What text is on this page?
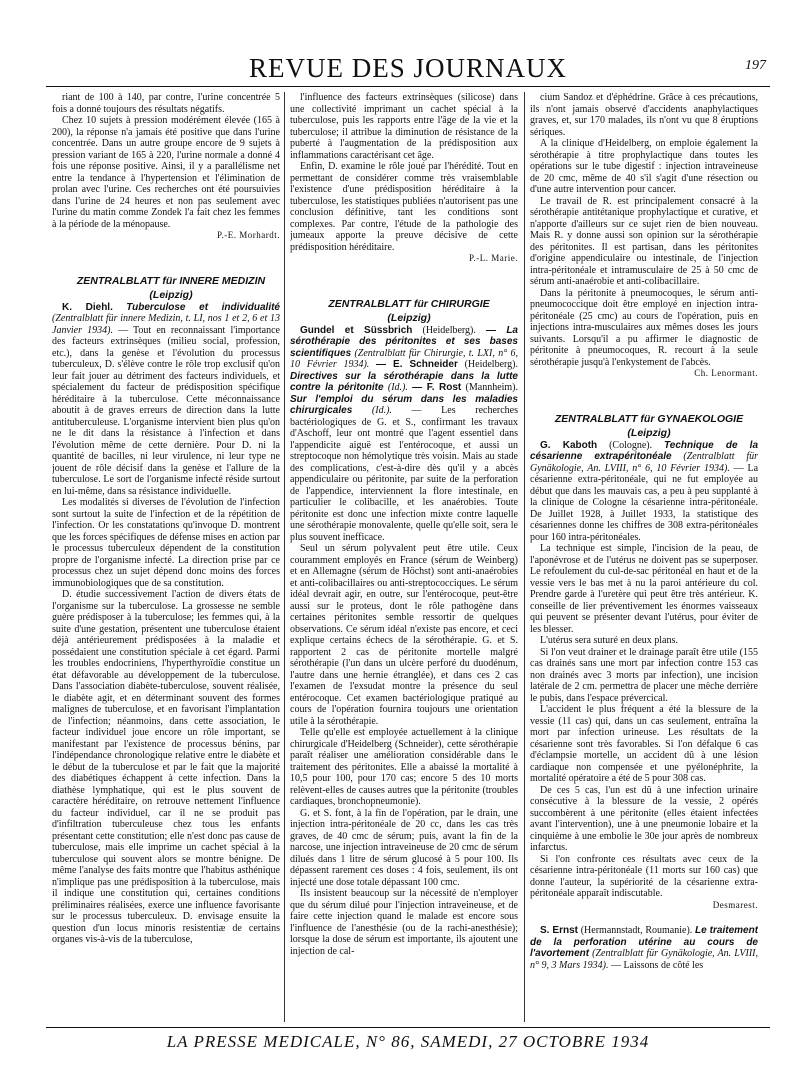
REVUE DES JOURNAUX	197

riant de 100 à 140, par contre, l'urine concentrée 5 fois a donné toujours des résultats négatifs.

Chez 10 sujets à pression modérément élevée (165 à 200), la réponse n'a jamais été positive que dans l'urine concentrée. Dans un autre groupe encore de 9 sujets à pression variant de 165 à 220, l'urine normale a donné 4 fois une réponse positive. Ainsi, il y a parallélisme net entre la tendance à l'hypertension et l'élimination de prolan avec l'urine. Ces recherches ont été poursuivies dans l'urine de 24 heures et non pas seulement avec l'urine du matin comme Zondek l'a fait chez les femmes à la période de la ménopause.

P.-E. Morhardt.

ZENTRALBLATT für INNERE MEDIZIN

(Leipzig)

K. Diehl. Tuberculose et individualité (Zentralblatt für innere Medizin, t. LI, nos 1 et 2, 6 et 13 Janvier 1934). — Tout en reconnaissant l'importance des facteurs extrinsèques (milieu social, profession, etc.), dans la genèse et l'évolution du processus tuberculeux, D. s'élève contre le rôle trop exclusif qu'on leur fait jouer au détriment des facteurs individuels, et spécialement du facteur de prédisposition spécifique héréditaire à la tuberculose. Cette méconnaissance aboutit à de graves erreurs de direction dans la lutte antituberculeuse. L'organisme intervient bien plus qu'on ne le dit dans la résistance à l'infection et dans l'évolution même de cette dernière. Pour D. ni la quantité de bacilles, ni leur virulence, ni leur type ne jouent de rôle décisif dans la genèse et l'allure de la tuberculose. Le sort de l'organisme infecté réside surtout en lui-même, dans sa résistance individuelle.

Les modalités si diverses de l'évolution de l'infection sont surtout la suite de l'infection et de la répétition de l'infection. Or les constatations qu'invoque D. montrent que les forces spécifiques de défense mises en action par le processus tuberculeux dépendent de la constitution propre de l'organisme infecté. La direction prise par ce processus chez un sujet dépend donc moins des forces immunobiologiques que de sa constitution.

D. étudie successivement l'action de divers états de l'organisme sur la tuberculose. La grossesse ne semble guère prédisposer à la tuberculose; les femmes qui, à la suite d'une gestation, présentent une tuberculose étaient déjà antérieurement prédisposées à la maladie et possédaient une constitution spéciale à cet égard. Parmi les troubles endocriniens, l'hyperthyroïdie constitue un état défavorable au développement de la tuberculose. Dans l'association diabète-tuberculose, souvent réalisée, le diabète agit, et en déterminant souvent des formes malignes de tuberculose, et en favorisant l'implantation de l'infection; néanmoins, dans cette association, le facteur individuel joue encore un rôle important, se manifestant par l'existence de processus bénins, par l'indépendance chronologique relative entre le diabète et le début de la tuberculose et par le fait que la majorité des diabétiques échappent à cette infection. Dans la diathèse lymphatique, qui est le plus souvent de caractère héréditaire, on retrouve nettement l'influence du facteur individuel, car il ne se produit pas d'infiltration tuberculeuse chez tous les enfants présentant cette constitution; elle n'est donc pas cause de tuberculose, mais elle imprime un cachet spécial à la tuberculose qui souvent alors se montre bénigne. De même l'analyse des faits montre que l'habitus asthénique n'implique pas une prédisposition à la tuberculose, mais il indique une constitution qui, certaines conditions préliminaires réalisées, exerce une influence favorisante sur le processus tuberculeux. D. envisage ensuite la question d'un locus minoris resistentiæ de certains organes vis-à-vis de la tuberculose,

l'influence des facteurs extrinsèques (silicose) dans une collectivité imprimant un cachet spécial à la tuberculose, puis les rapports entre l'âge de la vie et la tuberculose; il attribue la diminution de résistance de la puberté à l'augmentation de la prédisposition aux inflammations caractérisant cet âge.

Enfin, D. examine le rôle joué par l'hérédité. Tout en permettant de considérer comme très vraisemblable l'existence d'une prédisposition héréditaire à la tuberculose, les statistiques publiées n'autorisent pas une conclusion définitive, tant les conditions sont complexes. Par contre, l'étude de la pathologie des jumeaux apporte la preuve décisive de cette prédisposition héréditaire.

P.-L. Marie.

ZENTRALBLATT für CHIRURGIE

(Leipzig)

Gundel et Süssbrich (Heidelberg). — La sérothérapie des péritonites et ses bases scientifiques (Zentralblatt für Chirurgie, t. LXI, n° 6, 10 Février 1934). — E. Schneider (Heidelberg). Directives sur la sérothérapie dans la lutte contre la péritonite (Id.). — F. Rost (Mannheim). Sur l'emploi du sérum dans les maladies chirurgicales (Id.). — Les recherches bactériologiques de G. et S., confirmant les travaux d'Aschoff, leur ont montré que l'agent essentiel dans l'appendicite aiguë est l'entérocoque, et aussi un streptocoque non hémolytique très voisin. Mais au stade des complications, c'est-à-dire dès qu'il y a abcès appendiculaire ou péritonite, par suite de la perforation de l'appendice, interviennent la flore intestinale, en particulier le colibacille, et les anaérobies. Toute péritonite est donc une infection mixte contre laquelle une sérothérapie monovalente, quelle qu'elle soit, sera le plus souvent inefficace.

Seul un sérum polyvalent peut être utile. Ceux couramment employés en France (sérum de Weinberg) et en Allemagne (sérum de Höchst) sont anti-anaérobies et anti-colibacillaires ou anti-streptococciques. Le sérum idéal devrait agir, en outre, sur l'entérocoque, peut-être aussi sur le proteus, dont le rôle pathogène dans certaines péritonites semble ressortir de quelques observations. Ce sérum idéal n'existe pas encore, et ceci explique certains échecs de la sérothérapie. G. et S. rapportent 2 cas de péritonite mortelle malgré sérothérapie (l'un dans un ulcère perforé du duodénum, l'autre dans une hernie étranglée), et dans ces 2 cas l'examen de l'exsudat montre la présence du seul entérocoque. Cet examen bactériologique pratiqué au cours de l'opération fournira toujours une orientation utile à la sérothérapie.

Telle qu'elle est employée actuellement à la clinique chirurgicale d'Heidelberg (Schneider), cette sérothérapie paraît réaliser une amélioration considérable dans le traitement des péritonites. Elle a abaissé la mortalité à 10,5 pour 100, pour 170 cas; encore 5 des 10 morts relèvent-elles de causes autres que la péritonite (troubles cardiaques, bronchopneumonie).

G. et S. font, à la fin de l'opération, par le drain, une injection intra-péritonéale de 20 cc, dans les cas très graves, de 40 cmc de sérum; puis, avant la fin de la narcose, une injection intraveineuse de 20 cmc de sérum dilués dans 1 litre de sérum glucosé à 5 pour 100. Ils dépassent rarement ces doses : 4 fois, seulement, ils ont injecté une dose totale dépassant 100 cmc.

Ils insistent beaucoup sur la nécessité de n'employer que du sérum dilué pour l'injection intraveineuse, et de faire cette injection quand le malade est encore sous l'influence de l'anesthésie (ou de la rachi-anesthésie); lorsque la dose de sérum est importante, ils ajoutent une injection de cal-

cium Sandoz et d'éphédrine. Grâce à ces précautions, ils n'ont jamais observé d'accidents anaphylactiques graves, et, sur 170 malades, ils n'ont vu que 8 éruptions sériques.

A la clinique d'Heidelberg, on emploie également la sérothérapie à titre prophylactique dans toutes les opérations sur le tube digestif : injection intraveineuse de 20 cmc, même de 40 s'il s'agit d'une résection ou d'une autre intervention pour cancer.

Le travail de R. est principalement consacré à la sérothérapie antitétanique prophylactique et curative, et n'apporte d'ailleurs sur ce sujet rien de bien nouveau. Mais R. y donne aussi son opinion sur la sérothérapie des péritonites. Il est partisan, dans les péritonites d'origine appendiculaire ou intestinale, de l'injection intra-péritonéale et intramusculaire de 25 à 50 cmc de sérum anti-anaérobie et anti-colibacillaire.

Dans la péritonite à pneumocoques, le sérum anti-pneumococcique doit être employé en injection intra-péritonéale (25 cmc) au cours de l'opération, puis en injections intra-musculaires aux mêmes doses les jours suivants. Lorsqu'il a pu affirmer le diagnostic de péritonite à pneumocoques, R. recourt à la seule sérothérapie jusqu'à l'enkystement de l'abcès.

Ch. Lenormant.

ZENTRALBLATT für GYNAEKOLOGIE

(Leipzig)

G. Kaboth (Cologne). Technique de la césarienne extrapéritonéale (Zentralblatt für Gynäkologie, An. LVIII, n° 6, 10 Février 1934). — La césarienne extra-péritonéale, qui ne fut employée au début que dans les mauvais cas, a peu à peu supplanté à la clinique de Cologne la césarienne intra-péritonéale. De Juillet 1928, à Juillet 1933, la statistique des césariennes donne les chiffres de 308 extra-péritonéales pour 160 intra-péritonéales.

La technique est simple, l'incision de la peau, de l'aponévrose et de l'utérus ne doivent pas se superposer. Le refoulement du cul-de-sac péritonéal en haut et de la vessie vers le bas met à nu la paroi antérieure du col. Prendre garde à l'uretère qui peut être très antérieur. K. conseille de lier préventivement les énormes vaisseaux qui peuvent se présenter devant l'utérus, pour éviter de les blesser.

L'utérus sera suturé en deux plans.

Si l'on veut drainer et le drainage paraît être utile (155 cas drainés sans une mort par infection contre 153 cas non drainés avec 3 morts par infection), une incision latérale de 2 cm. permettra de placer une mèche derrière le pubis, dans l'espace prévercical.

L'accident le plus fréquent a été la blessure de la vessie (11 cas) qui, dans un cas seulement, entraîna la mort par infection urineuse. Les résultats de la césarienne sont très favorables. Si l'on défalque 6 cas d'éclampsie mortelle, un accident dû à une lésion cardiaque non compensée et une pyélonéphrite, la mortalité opératoire a été de 5 pour 308 cas.

De ces 5 cas, l'un est dû à une infection urinaire consécutive à la blessure de la vessie, 2 opérés succombèrent à une péritonite (elles étaient infectées avant l'intervention), une à une pneumonie lobaire et la cinquième à une embolie le 30e jour après de nombreux infarctus.

Si l'on confronte ces résultats avec ceux de la césarienne intra-péritonéale (11 morts sur 160 cas) que donne l'auteur, la supériorité de la césarienne extra-péritonéale apparaît indiscutable.

Desmarest.

S. Ernst (Hermannstadt, Roumanie). Le traitement de la perforation utérine au cours de l'avortement (Zentralblatt für Gynäkologie, An. LVIII, n° 9, 3 Mars 1934). — Laissons de côté les

LA PRESSE MEDICALE, N° 86, SAMEDI, 27 OCTOBRE 1934
